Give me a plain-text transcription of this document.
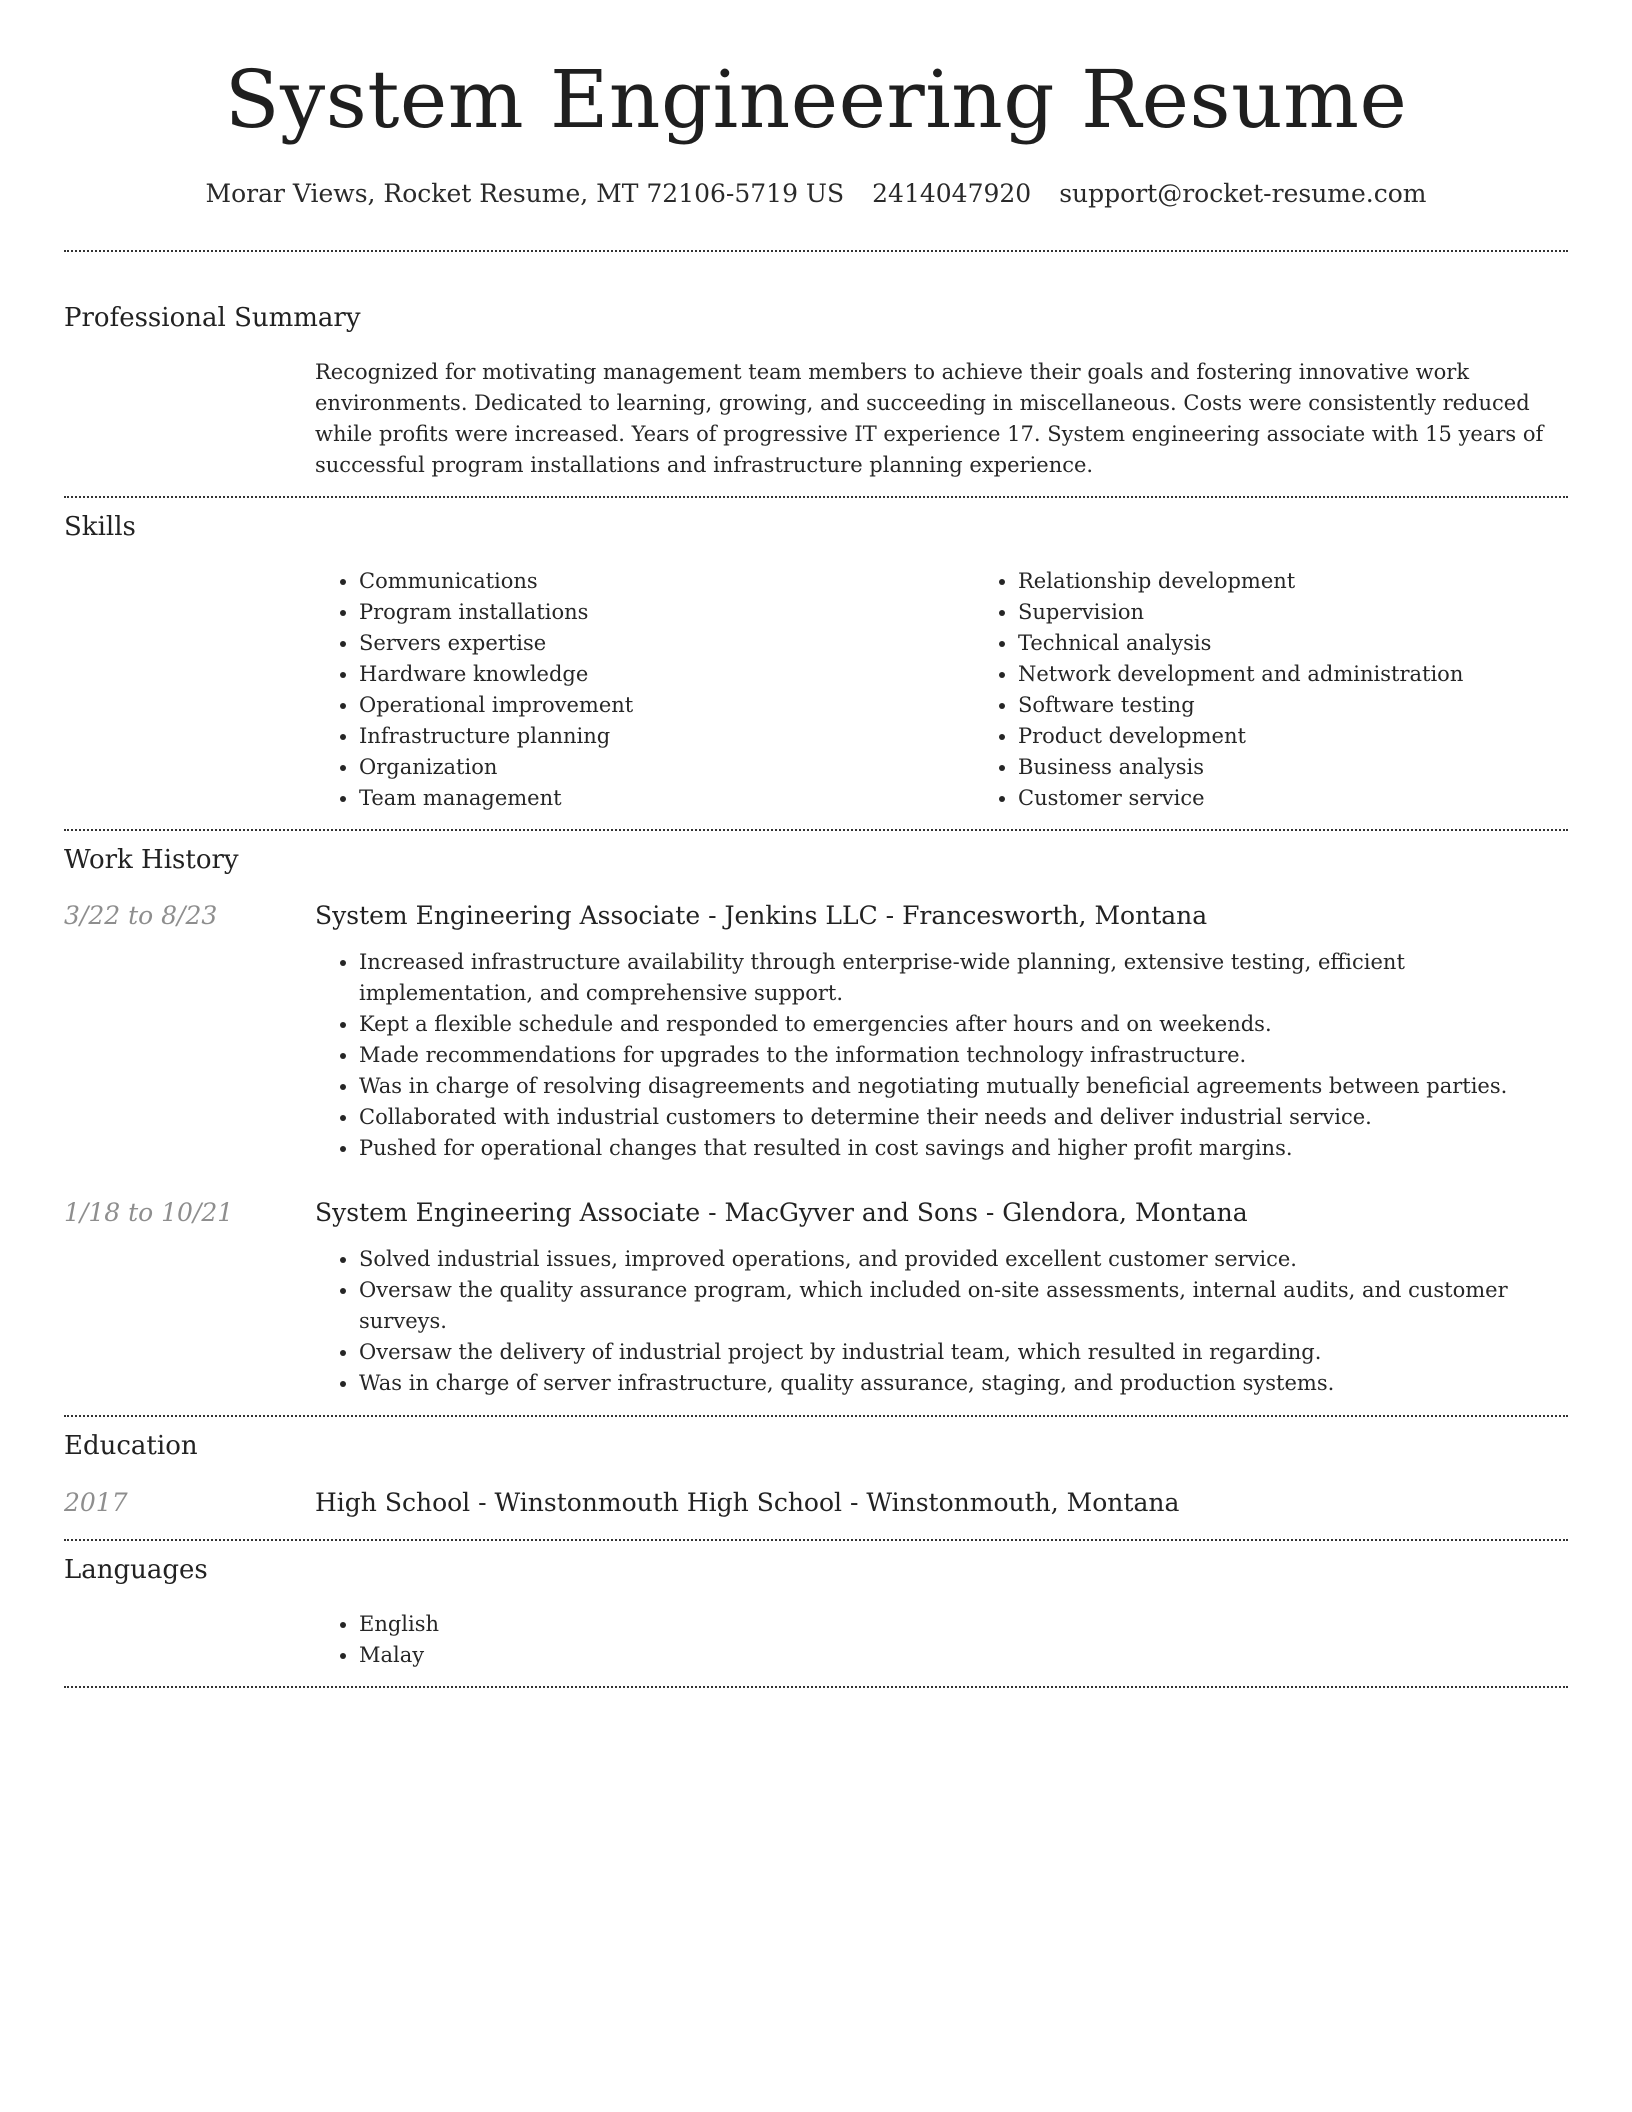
System Engineering Resume
Morar Views, Rocket Resume, MT 72106-5719 US 2414047920 support@rocket-resume.com
Professional Summary

Recognized for motivating management team members to achieve their goals and fostering innovative work environments. Dedicated to learning, growing, and succeeding in miscellaneous. Costs were consistently reduced while profits were increased. Years of progressive IT experience 17. System engineering associate with 15 years of successful program installations and infrastructure planning experience.

Skills
• Communications
• Program installations
• Servers expertise
• Hardware knowledge
• Operational improvement
• Infrastructure planning
• Organization
• Team management
• Relationship development
• Supervision
• Technical analysis
• Network development and administration
• Software testing
• Product development
• Business analysis
• Customer service
Work History
3/22 to 8/23	System Engineering Associate - Jenkins LLC - Francesworth, Montana
• Increased infrastructure availability through enterprise-wide planning, extensive testing, efficient implementation, and comprehensive support.
• Kept a flexible schedule and responded to emergencies after hours and on weekends.
• Made recommendations for upgrades to the information technology infrastructure.
• Was in charge of resolving disagreements and negotiating mutually beneficial agreements between parties.
• Collaborated with industrial customers to determine their needs and deliver industrial service.
• Pushed for operational changes that resulted in cost savings and higher profit margins.
1/18 to 10/21	System Engineering Associate - MacGyver and Sons - Glendora, Montana
• Solved industrial issues, improved operations, and provided excellent customer service.
• Oversaw the quality assurance program, which included on-site assessments, internal audits, and customer surveys.
• Oversaw the delivery of industrial project by industrial team, which resulted in regarding.
• Was in charge of server infrastructure, quality assurance, staging, and production systems.
Education
2017	High School - Winstonmouth High School - Winstonmouth, Montana
Languages
• English
• Malay
